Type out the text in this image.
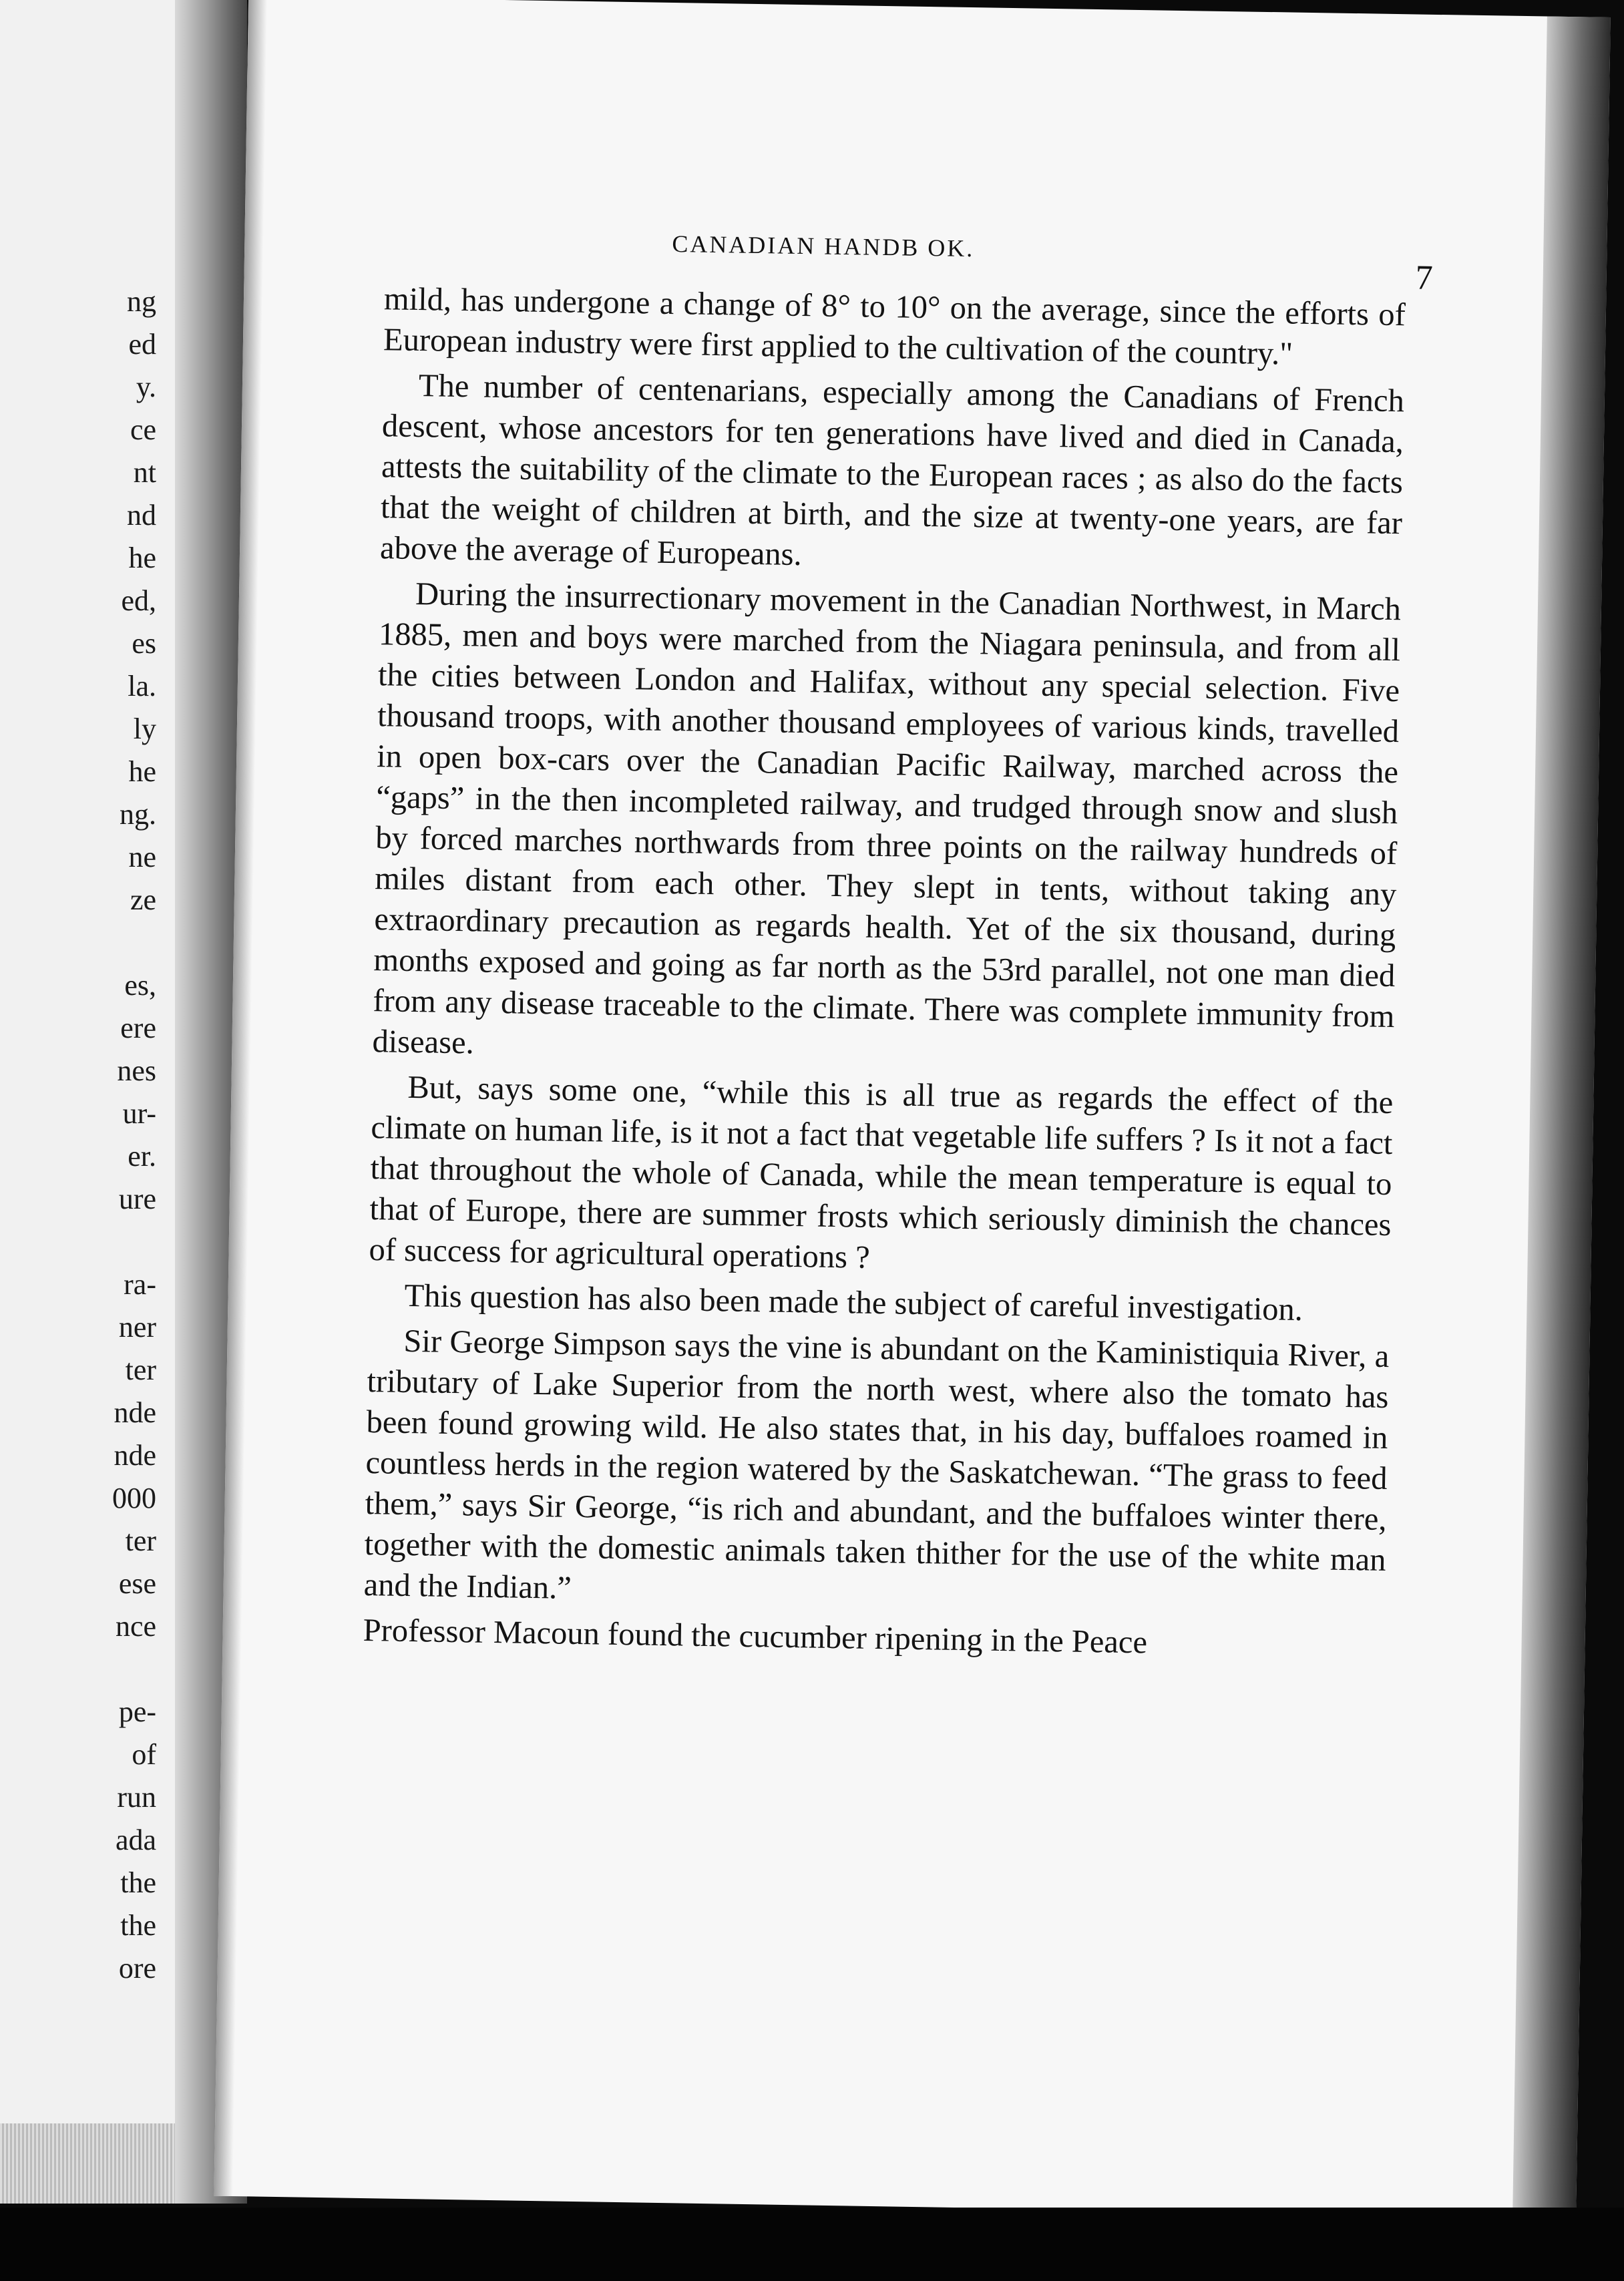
ng
ed
y.
ce
nt
nd
he
ed,
es
la.
ly
he
ng.
ne
ze
es,
ere
nes
ur-
er.
ure
ra-
ner
ter
nde
nde
000
ter
ese
nce
pe-
of
run
ada
the
the
ore
CANADIAN HANDB OK.
7

mild, has undergone a change of 8° to 10° on the average, since the efforts of European industry were first applied to the cultivation of the country."

The number of centenarians, especially among the Canadians of French descent, whose ancestors for ten generations have lived and died in Canada, attests the suitability of the climate to the European races ; as also do the facts that the weight of children at birth, and the size at twenty-one years, are far above the average of Europeans.

During the insurrectionary movement in the Canadian Northwest, in March 1885, men and boys were marched from the Niagara peninsula, and from all the cities between London and Halifax, without any special selection. Five thousand troops, with another thousand employees of various kinds, travelled in open box-cars over the Canadian Pacific Railway, marched across the “gaps” in the then incompleted railway, and trudged through snow and slush by forced marches northwards from three points on the railway hundreds of miles distant from each other. They slept in tents, without taking any extraordinary precaution as regards health. Yet of the six thousand, during months exposed and going as far north as the 53rd parallel, not one man died from any disease traceable to the climate. There was complete immunity from disease.

But, says some one, “while this is all true as regards the effect of the climate on human life, is it not a fact that vegetable life suffers ? Is it not a fact that throughout the whole of Canada, while the mean temperature is equal to that of Europe, there are summer frosts which seriously diminish the chances of success for agricultural operations ?

This question has also been made the subject of careful investigation.

Sir George Simpson says the vine is abundant on the Kaministiquia River, a tributary of Lake Superior from the north west, where also the tomato has been found growing wild. He also states that, in his day, buffaloes roamed in countless herds in the region watered by the Saskatchewan. “The grass to feed them,” says Sir George, “is rich and abundant, and the buffaloes winter there, together with the domestic animals taken thither for the use of the white man and the Indian.”

Professor Macoun found the cucumber ripening in the Peace
